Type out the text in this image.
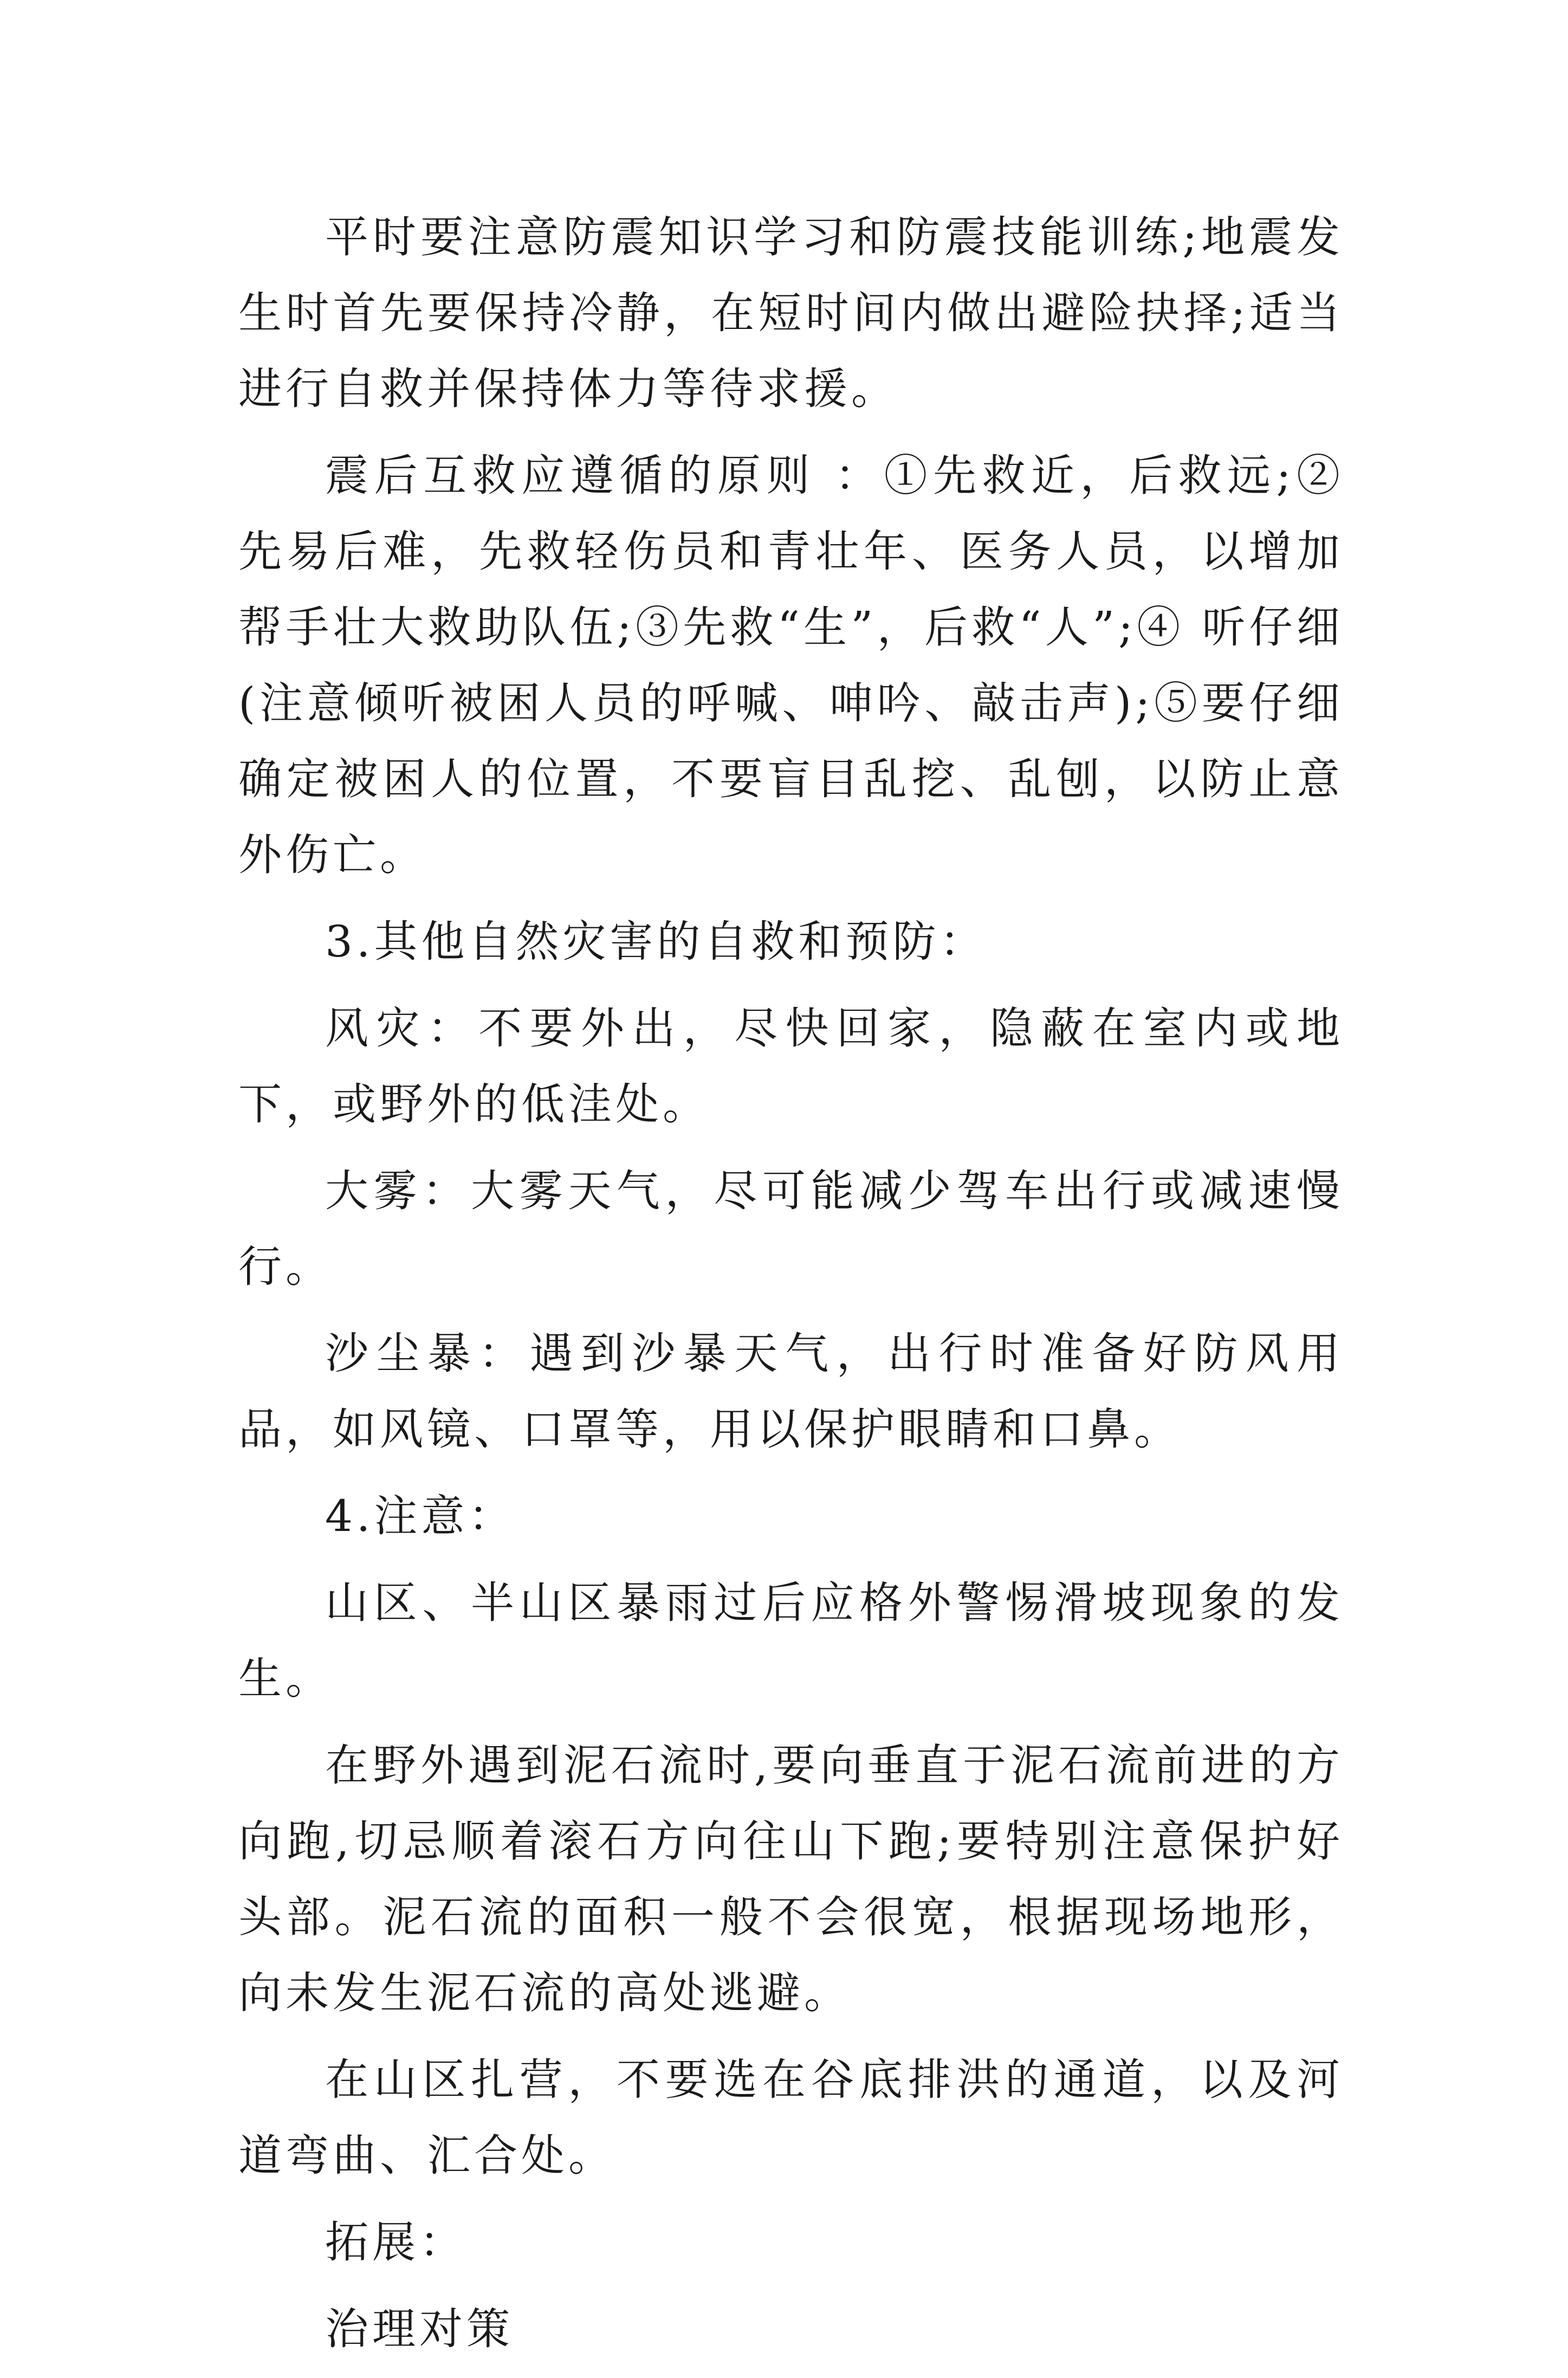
平时要注意防震知识学习和防震技能训练;地震发生时首先要保持冷静，在短时间内做出避险抉择;适当进行自救并保持体力等待求援。

震后互救应遵循的原则 ：①先救近，后救远;②先易后难，先救轻伤员和青壮年、医务人员，以增加帮手壮大救助队伍;③先救“生”，后救“人”;④ 听仔细(注意倾听被困人员的呼喊、呻吟、敲击声);⑤要仔细确定被困人的位置，不要盲目乱挖、乱刨，以防止意外伤亡。

3.其他自然灾害的自救和预防：

风灾：不要外出，尽快回家，隐蔽在室内或地下，或野外的低洼处。

大雾：大雾天气，尽可能减少驾车出行或减速慢行。

沙尘暴：遇到沙暴天气，出行时准备好防风用品，如风镜、口罩等，用以保护眼睛和口鼻。

4.注意：

山区、半山区暴雨过后应格外警惕滑坡现象的发生。

在野外遇到泥石流时,要向垂直于泥石流前进的方向跑,切忌顺着滚石方向往山下跑;要特别注意保护好头部。泥石流的面积一般不会很宽，根据现场地形，向未发生泥石流的高处逃避。

在山区扎营，不要选在谷底排洪的通道，以及河道弯曲、汇合处。

拓展：

治理对策
